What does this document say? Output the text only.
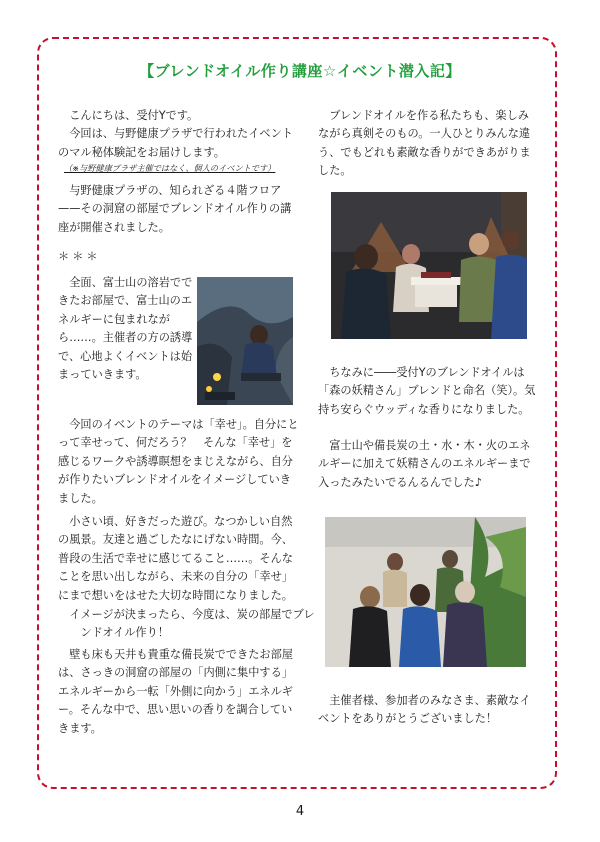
【ブレンドオイル作り講座☆イベント潜入記】

こんにちは、受付Yです。

今回は、与野健康プラザで行われたイベントのマル秘体験記をお届けします。

（※与野健康プラザ主催ではなく、個人のイベントです）

与野健康プラザの、知られざる４階フロア——その洞窟の部屋でブレンドオイル作りの講座が開催されました。
＊＊＊
全面、富士山の溶岩でできたお部屋で、富士山のエネルギーに包まれながら……。主催者の方の誘導で、心地よくイベントは始まっていきます。
今回のイベントのテーマは「幸せ」。自分にとって幸せって、何だろう？　そんな「幸せ」を感じるワークや誘導瞑想をまじえながら、自分が作りたいブレンドオイルをイメージしていきました。
小さい頃、好きだった遊び。なつかしい自然の風景。友達と過ごしたなにげない時間。今、普段の生活で幸せに感じてること……。そんなことを思い出しながら、未来の自分の「幸せ」にまで想いをはせた大切な時間になりました。
イメージが決まったら、今度は、炭の部屋でブレンドオイル作り！
壁も床も天井も貴重な備長炭でできたお部屋は、さっきの洞窟の部屋の「内側に集中する」エネルギーから一転「外側に向かう」エネルギー。そんな中で、思い思いの香りを調合していきます。
ブレンドオイルを作る私たちも、楽しみながら真剣そのもの。一人ひとりみんな違う、でもどれも素敵な香りができあがりました。
ちなみに――受付Yのブレンドオイルは「森の妖精さん」ブレンドと命名（笑）。気持ち安らぐウッディな香りになりました。
富士山や備長炭の土・水・木・火のエネルギーに加えて妖精さんのエネルギーまで入ったみたいでるんるんでした♪
主催者様、参加者のみなさま、素敵なイベントをありがとうございました！
4
